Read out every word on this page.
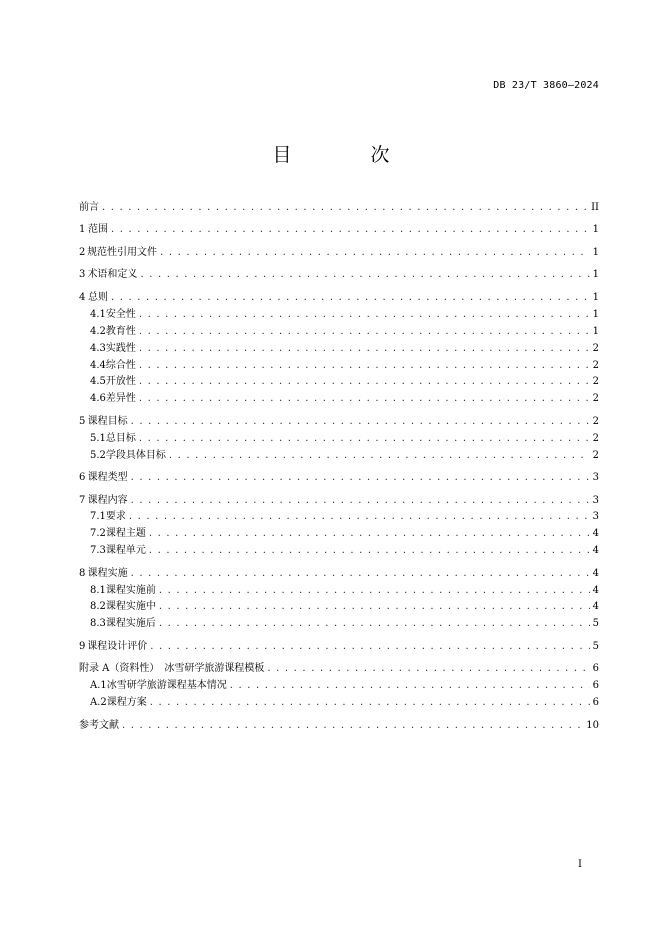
DB 23/T 3860—2024
目　次
前言 . . .	II
1 范围 . . .	1
2 规范性引用文件 . . .	1
3 术语和定义 . . .	1
4 总则 . . .	1
4.1 安全性 . . .	1
4.2 教育性 . . .	1
4.3 实践性 . . .	2
4.4 综合性 . . .	2
4.5 开放性 . . .	2
4.6 差异性 . . .	2
5 课程目标 . . .	2
5.1 总目标 . . .	2
5.2 学段具体目标 . . .	2
6 课程类型 . . .	3
7 课程内容 . . .	3
7.1 要求 . . .	3
7.2 课程主题 . . .	4
7.3 课程单元 . . .	4
8 课程实施 . . .	4
8.1 课程实施前 . . .	4
8.2 课程实施中 . . .	4
8.3 课程实施后 . . .	5
9 课程设计评价 . . .	5
附录 A（资料性）　冰雪研学旅游课程模板 . . .	6
A.1 冰雪研学旅游课程基本情况 . . .	6
A.2 课程方案 . . .	6
参考文献 . . .	10
I
